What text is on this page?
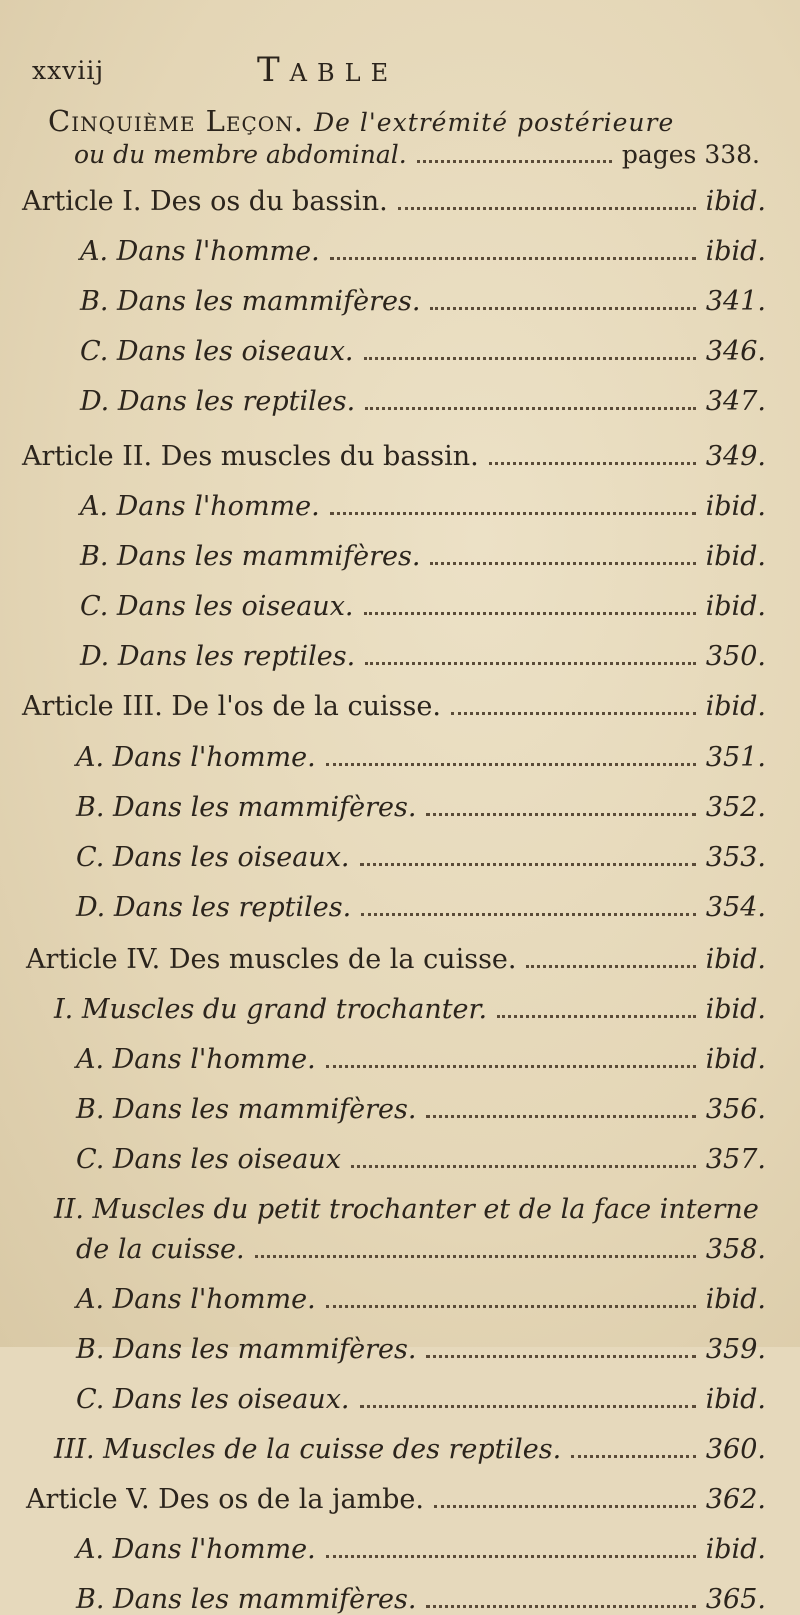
xxviij	Table
Cinquième Leçon. De l'extrémité postérieure
ou du membre abdominal.	pages 338.
Article I. Des os du bassin.	ibid.
A. Dans l'homme.	ibid.
B. Dans les mammifères.	341.
C. Dans les oiseaux.	346.
D. Dans les reptiles.	347.
Article II. Des muscles du bassin.	349.
A. Dans l'homme.	ibid.
B. Dans les mammifères.	ibid.
C. Dans les oiseaux.	ibid.
D. Dans les reptiles.	350.
Article III. De l'os de la cuisse.	ibid.
A. Dans l'homme.	351.
B. Dans les mammifères.	352.
C. Dans les oiseaux.	353.
D. Dans les reptiles.	354.
Article IV. Des muscles de la cuisse.	ibid.
I. Muscles du grand trochanter.	ibid.
A. Dans l'homme.	ibid.
B. Dans les mammifères.	356.
C. Dans les oiseaux	357.
II. Muscles du petit trochanter et de la face interne
de la cuisse.	358.
A. Dans l'homme.	ibid.
B. Dans les mammifères.	359.
C. Dans les oiseaux.	ibid.
III. Muscles de la cuisse des reptiles.	360.
Article V. Des os de la jambe.	362.
A. Dans l'homme.	ibid.
B. Dans les mammifères.	365.
